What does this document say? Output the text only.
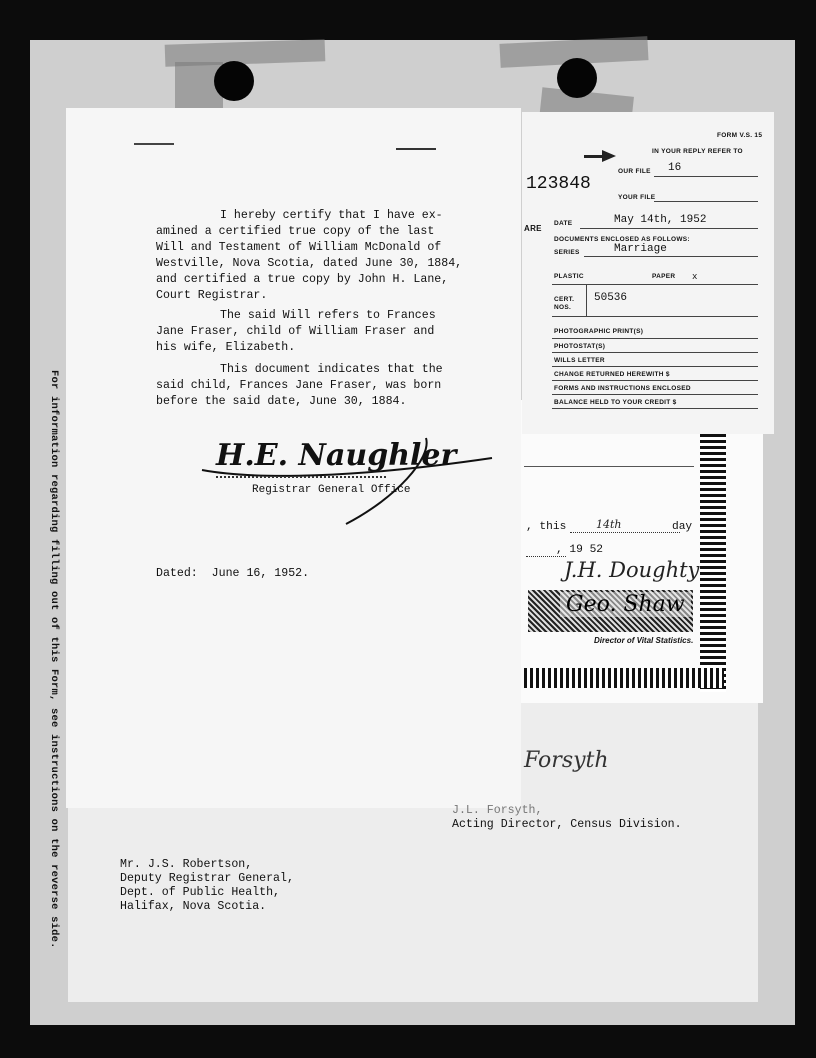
For information regarding filling out of this Form, see instructions on the reverse side.	, this	14th	day
, 19 52
J.H. Doughty
Geo. Shaw
Director of Vital Statistics.
FORM V.S. 15
IN YOUR REPLY REFER TO
OUR FILE 16
123848
YOUR FILE
ARE
DATE	May 14th, 1952
DOCUMENTS ENCLOSED AS FOLLOWS:
SERIES	Marriage
PLASTIC	PAPER x
CERT. NOS.
50536
PHOTOGRAPHIC PRINT(S)
PHOTOSTAT(S)
WILLS LETTER
CHANGE RETURNED HEREWITH $
FORMS AND INSTRUCTIONS ENCLOSED
BALANCE HELD TO YOUR CREDIT $
I hereby certify that I have ex-
amined a certified true copy of the last
Will and Testament of William McDonald of
Westville, Nova Scotia, dated June 30, 1884,
and certified a true copy by John H. Lane,
Court Registrar.
The said Will refers to Frances
Jane Fraser, child of William Fraser and
his wife, Elizabeth.
This document indicates that the
said child, Frances Jane Fraser, was born
before the said date, June 30, 1884.
H.E. Naughler
Registrar General Office
Dated:  June 16, 1952.
Forsyth
J.L. Forsyth,
Acting Director, Census Division.
Mr. J.S. Robertson,
Deputy Registrar General,
Dept. of Public Health,
Halifax, Nova Scotia.
